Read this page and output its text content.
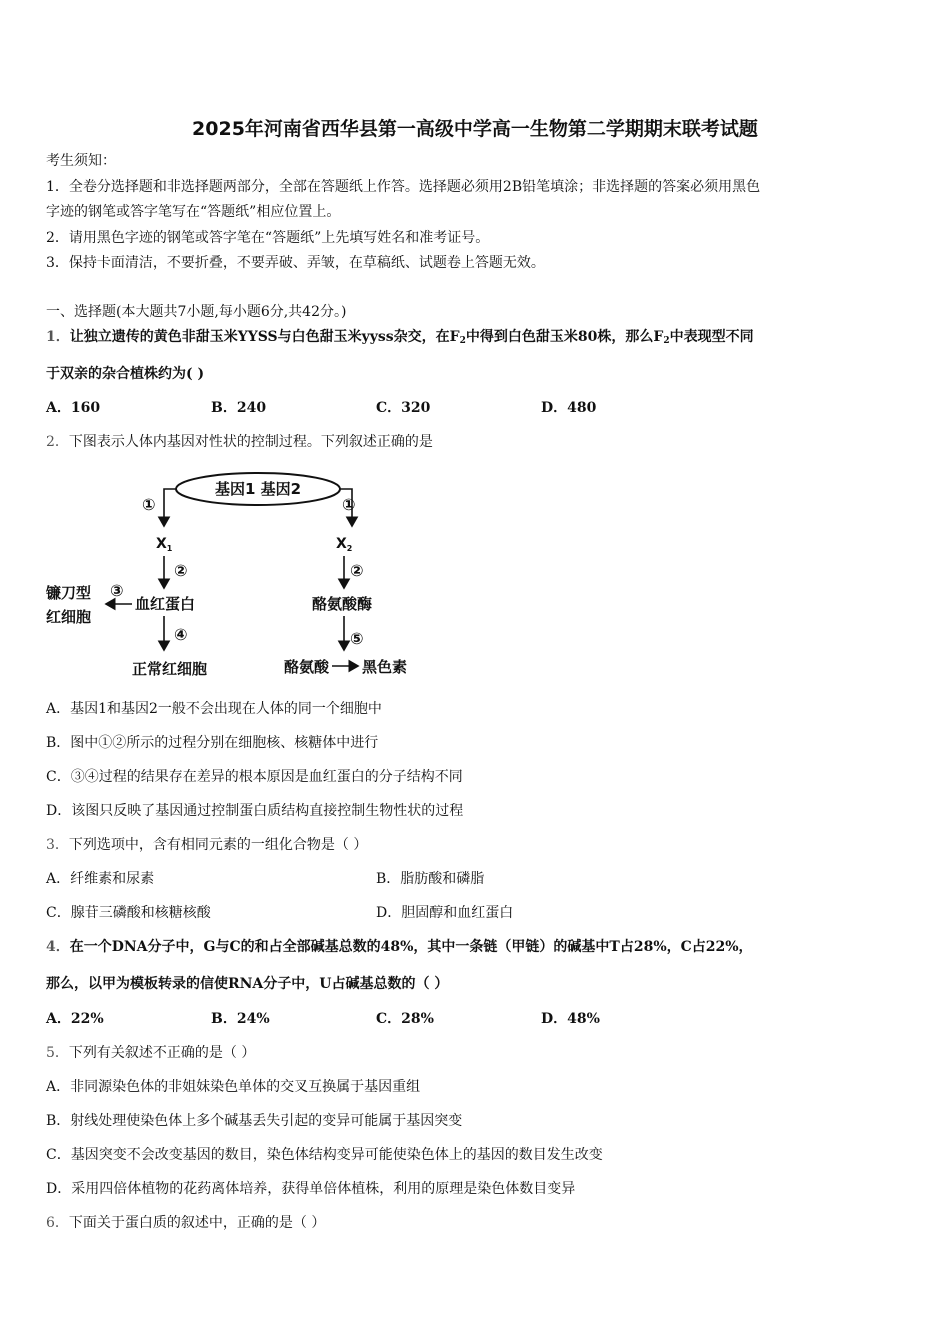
2025年河南省西华县第一高级中学高一生物第二学期期末联考试题
考生须知：
1．全卷分选择题和非选择题两部分，全部在答题纸上作答。选择题必须用2B铅笔填涂；非选择题的答案必须用黑色
字迹的钢笔或答字笔写在“答题纸”相应位置上。
2．请用黑色字迹的钢笔或答字笔在“答题纸”上先填写姓名和准考证号。
3．保持卡面清洁，不要折叠，不要弄破、弄皱，在草稿纸、试题卷上答题无效。
一、选择题(本大题共7小题,每小题6分,共42分。)
1．让独立遗传的黄色非甜玉米YYSS与白色甜玉米yyss杂交，在$F_2$中得到白色甜玉米80株，那么$F_2$中表现型不同
于双亲的杂合植株约为( )
A．160	B．240	C．320	D．480
2．下图表示人体内基因对性状的控制过程。下列叙述正确的是
基因1 基因2
①	①
$X_1$	$X_2$
②	②
血红蛋白	酪氨酸酶
③
镰刀型
红细胞
④
正常红细胞
⑤
酪氨酸 黑色素
A．基因1和基因2一般不会出现在人体的同一个细胞中
B．图中①②所示的过程分别在细胞核、核糖体中进行
C．③④过程的结果存在差异的根本原因是血红蛋白的分子结构不同
D．该图只反映了基因通过控制蛋白质结构直接控制生物性状的过程
3．下列选项中，含有相同元素的一组化合物是（ ）
A．纤维素和尿素	B．脂肪酸和磷脂
C．腺苷三磷酸和核糖核酸	D．胆固醇和血红蛋白
4．在一个DNA分子中，G与C的和占全部碱基总数的48%，其中一条链（甲链）的碱基中T占28%，C占22%，
那么，以甲为模板转录的信使RNA分子中，U占碱基总数的（ ）
A．22%	B．24%	C．28%	D．48%
5．下列有关叙述不正确的是（ ）
A．非同源染色体的非姐妹染色单体的交叉互换属于基因重组
B．射线处理使染色体上多个碱基丢失引起的变异可能属于基因突变
C．基因突变不会改变基因的数目，染色体结构变异可能使染色体上的基因的数目发生改变
D．采用四倍体植物的花药离体培养，获得单倍体植株，利用的原理是染色体数目变异
6．下面关于蛋白质的叙述中，正确的是（ ）
